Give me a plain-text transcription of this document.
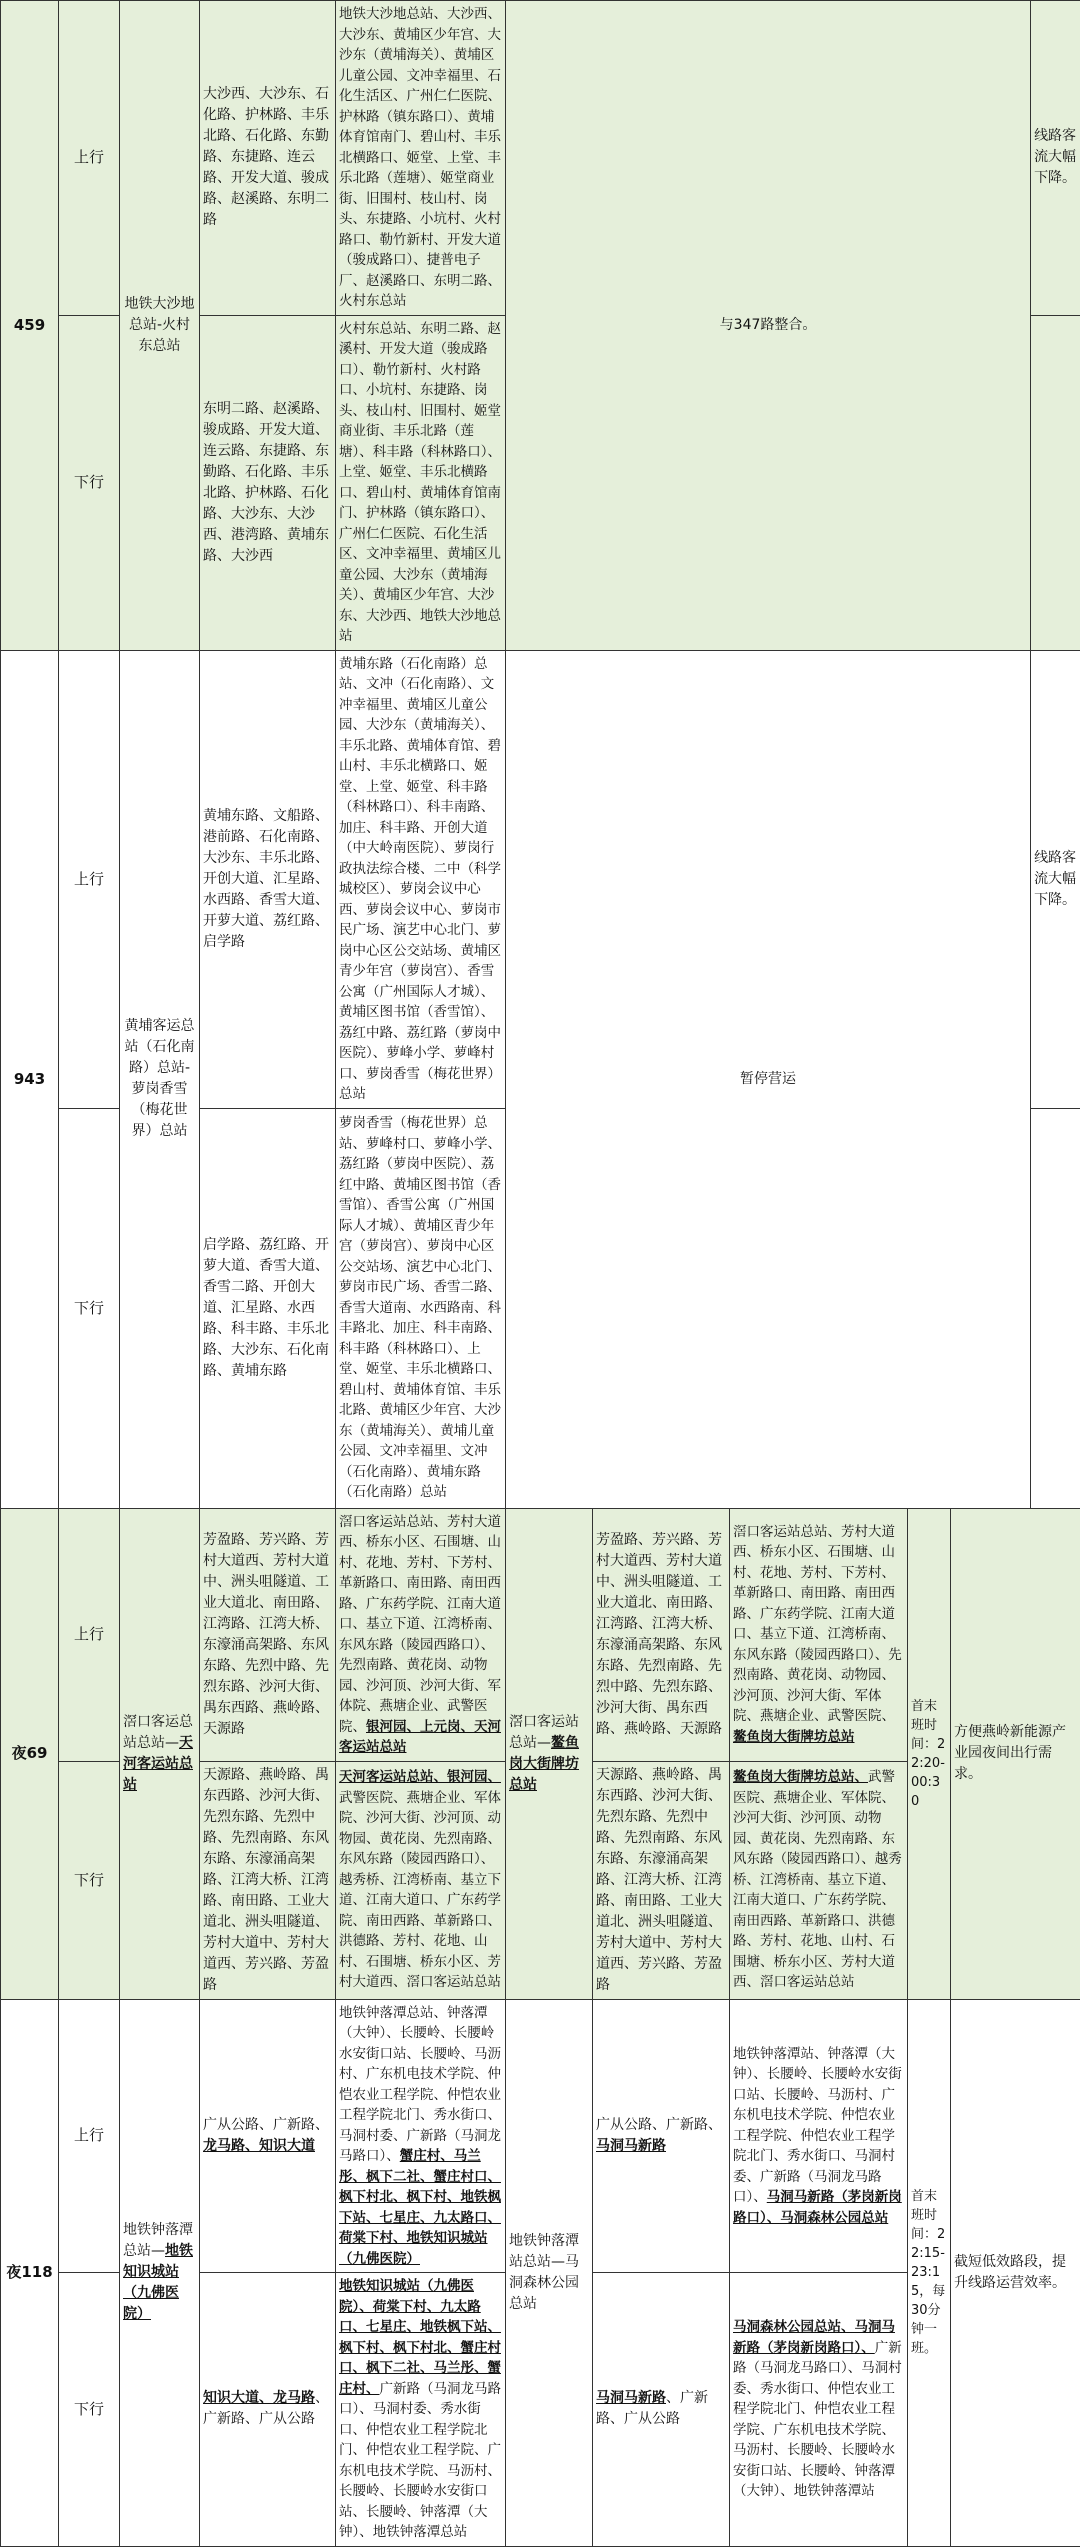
459	上行	地铁大沙地总站-火村东总站	大沙西、大沙东、石化路、护林路、丰乐北路、石化路、东勤路、东捷路、连云路、开发大道、骏成路、赵溪路、东明二路	地铁大沙地总站、大沙西、大沙东、黄埔区少年宫、大沙东（黄埔海关）、黄埔区儿童公园、文冲幸福里、石化生活区、广州仁仁医院、护林路（镇东路口）、黄埔体育馆南门、碧山村、丰乐北横路口、姬堂、上堂、丰乐北路（莲塘）、姬堂商业街、旧围村、枝山村、岗头、东捷路、小坑村、火村路口、勒竹新村、开发大道（骏成路口）、捷普电子厂、赵溪路口、东明二路、火村东总站	与347路整合。					线路客流大幅下降。
	下行		东明二路、赵溪路、骏成路、开发大道、连云路、东捷路、东勤路、石化路、丰乐北路、护林路、石化路、大沙东、大沙西、港湾路、黄埔东路、大沙西	火村东总站、东明二路、赵溪村、开发大道（骏成路口）、勒竹新村、火村路口、小坑村、东捷路、岗头、枝山村、旧围村、姬堂商业街、丰乐北路（莲塘）、科丰路（科林路口）、上堂、姬堂、丰乐北横路口、碧山村、黄埔体育馆南门、护林路（镇东路口）、广州仁仁医院、石化生活区、文冲幸福里、黄埔区儿童公园、大沙东（黄埔海关）、黄埔区少年宫、大沙东、大沙西、地铁大沙地总站						
943	上行	黄埔客运总站（石化南路）总站-萝岗香雪（梅花世界）总站	黄埔东路、文船路、港前路、石化南路、大沙东、丰乐北路、开创大道、汇星路、水西路、香雪大道、开萝大道、荔红路、启学路	黄埔东路（石化南路）总站、文冲（石化南路）、文冲幸福里、黄埔区儿童公园、大沙东（黄埔海关）、丰乐北路、黄埔体育馆、碧山村、丰乐北横路口、姬堂、上堂、姬堂、科丰路（科林路口）、科丰南路、加庄、科丰路、开创大道（中大岭南医院）、萝岗行政执法综合楼、二中（科学城校区）、萝岗会议中心西、萝岗会议中心、萝岗市民广场、演艺中心北门、萝岗中心区公交站场、黄埔区青少年宫（萝岗宫）、香雪公寓（广州国际人才城）、黄埔区图书馆（香雪馆）、荔红中路、荔红路（萝岗中医院）、萝峰小学、萝峰村口、萝岗香雪（梅花世界）总站	暂停营运					线路客流大幅下降。
	下行		启学路、荔红路、开萝大道、香雪大道、香雪二路、开创大道、汇星路、水西路、科丰路、丰乐北路、大沙东、石化南路、黄埔东路	萝岗香雪（梅花世界）总站、萝峰村口、萝峰小学、荔红路（萝岗中医院）、荔红中路、黄埔区图书馆（香雪馆）、香雪公寓（广州国际人才城）、黄埔区青少年宫（萝岗宫）、萝岗中心区公交站场、演艺中心北门、萝岗市民广场、香雪二路、香雪大道南、水西路南、科丰路北、加庄、科丰南路、科丰路（科林路口）、上堂、姬堂、丰乐北横路口、碧山村、黄埔体育馆、丰乐北路、黄埔区少年宫、大沙东（黄埔海关）、黄埔儿童公园、文冲幸福里、文冲（石化南路）、黄埔东路（石化南路）总站						
夜69	上行	滘口客运总站总站—天河客运站总站	芳盈路、芳兴路、芳村大道西、芳村大道中、洲头咀隧道、工业大道北、南田路、江湾路、江湾大桥、东濠涌高架路、东风东路、先烈中路、先烈东路、沙河大街、禺东西路、燕岭路、天源路	滘口客运站总站、芳村大道西、桥东小区、石围塘、山村、花地、芳村、下芳村、革新路口、南田路、南田西路、广东药学院、江南大道口、基立下道、江湾桥南、东风东路（陵园西路口）、先烈南路、黄花岗、动物园、沙河顶、沙河大街、军体院、燕塘企业、武警医院、银河园、上元岗、天河客运站总站	滘口客运站总站—鳌鱼岗大街牌坊总站	芳盈路、芳兴路、芳村大道西、芳村大道中、洲头咀隧道、工业大道北、南田路、江湾路、江湾大桥、东濠涌高架路、东风东路、先烈南路、先烈中路、先烈东路、沙河大街、禺东西路、燕岭路、天源路	滘口客运站总站、芳村大道西、桥东小区、石围塘、山村、花地、芳村、下芳村、革新路口、南田路、南田西路、广东药学院、江南大道口、基立下道、江湾桥南、东风东路（陵园西路口）、先烈南路、黄花岗、动物园、沙河顶、沙河大街、军体院、燕塘企业、武警医院、鳌鱼岗大街牌坊总站	首末班时间：22:20-00:30	方便燕岭新能源产业园夜间出行需求。	
	下行		天源路、燕岭路、禺东西路、沙河大街、先烈东路、先烈中路、先烈南路、东风东路、东濠涌高架路、江湾大桥、江湾路、南田路、工业大道北、洲头咀隧道、芳村大道中、芳村大道西、芳兴路、芳盈路	天河客运站总站、银河园、武警医院、燕塘企业、军体院、沙河大街、沙河顶、动物园、黄花岗、先烈南路、东风东路（陵园西路口）、越秀桥、江湾桥南、基立下道、江南大道口、广东药学院、南田西路、革新路口、洪德路、芳村、花地、山村、石围塘、桥东小区、芳村大道西、滘口客运站总站		天源路、燕岭路、禺东西路、沙河大街、先烈东路、先烈中路、先烈南路、东风东路、东濠涌高架路、江湾大桥、江湾路、南田路、工业大道北、洲头咀隧道、芳村大道中、芳村大道西、芳兴路、芳盈路	鳌鱼岗大街牌坊总站、武警医院、燕塘企业、军体院、沙河大街、沙河顶、动物园、黄花岗、先烈南路、东风东路（陵园西路口）、越秀桥、江湾桥南、基立下道、江南大道口、广东药学院、南田西路、革新路口、洪德路、芳村、花地、山村、石围塘、桥东小区、芳村大道西、滘口客运站总站			
夜118	上行	地铁钟落潭总站—地铁知识城站（九佛医院）	广从公路、广新路、龙马路、知识大道	地铁钟落潭总站、钟落潭（大钟）、长腰岭、长腰岭水安街口站、长腰岭、马沥村、广东机电技术学院、仲恺农业工程学院、仲恺农业工程学院北门、秀水街口、马洞村委、广新路（马洞龙马路口）、蟹庄村、马兰彤、枫下二社、蟹庄村口、枫下村北、枫下村、地铁枫下站、七星庄、九太路口、荷棠下村、地铁知识城站（九佛医院）	地铁钟落潭站总站—马洞森林公园总站	广从公路、广新路、马洞马新路	地铁钟落潭站、钟落潭（大钟）、长腰岭、长腰岭水安街口站、长腰岭、马沥村、广东机电技术学院、仲恺农业工程学院、仲恺农业工程学院北门、秀水街口、马洞村委、广新路（马洞龙马路口）、马洞马新路（茅岗新岗路口）、马洞森林公园总站	首末班时间：22:15-23:15，每30分钟一班。	截短低效路段，提升线路运营效率。	
	下行		知识大道、龙马路、广新路、广从公路	地铁知识城站（九佛医院）、荷棠下村、九太路口、七星庄、地铁枫下站、枫下村、枫下村北、蟹庄村口、枫下二社、马兰彤、蟹庄村、广新路（马洞龙马路口）、马洞村委、秀水街口、仲恺农业工程学院北门、仲恺农业工程学院、广东机电技术学院、马沥村、长腰岭、长腰岭水安街口站、长腰岭、钟落潭（大钟）、地铁钟落潭总站		马洞马新路、广新路、广从公路	马洞森林公园总站、马洞马新路（茅岗新岗路口）、广新路（马洞龙马路口）、马洞村委、秀水街口、仲恺农业工程学院北门、仲恺农业工程学院、广东机电技术学院、马沥村、长腰岭、长腰岭水安街口站、长腰岭、钟落潭（大钟）、地铁钟落潭站			
